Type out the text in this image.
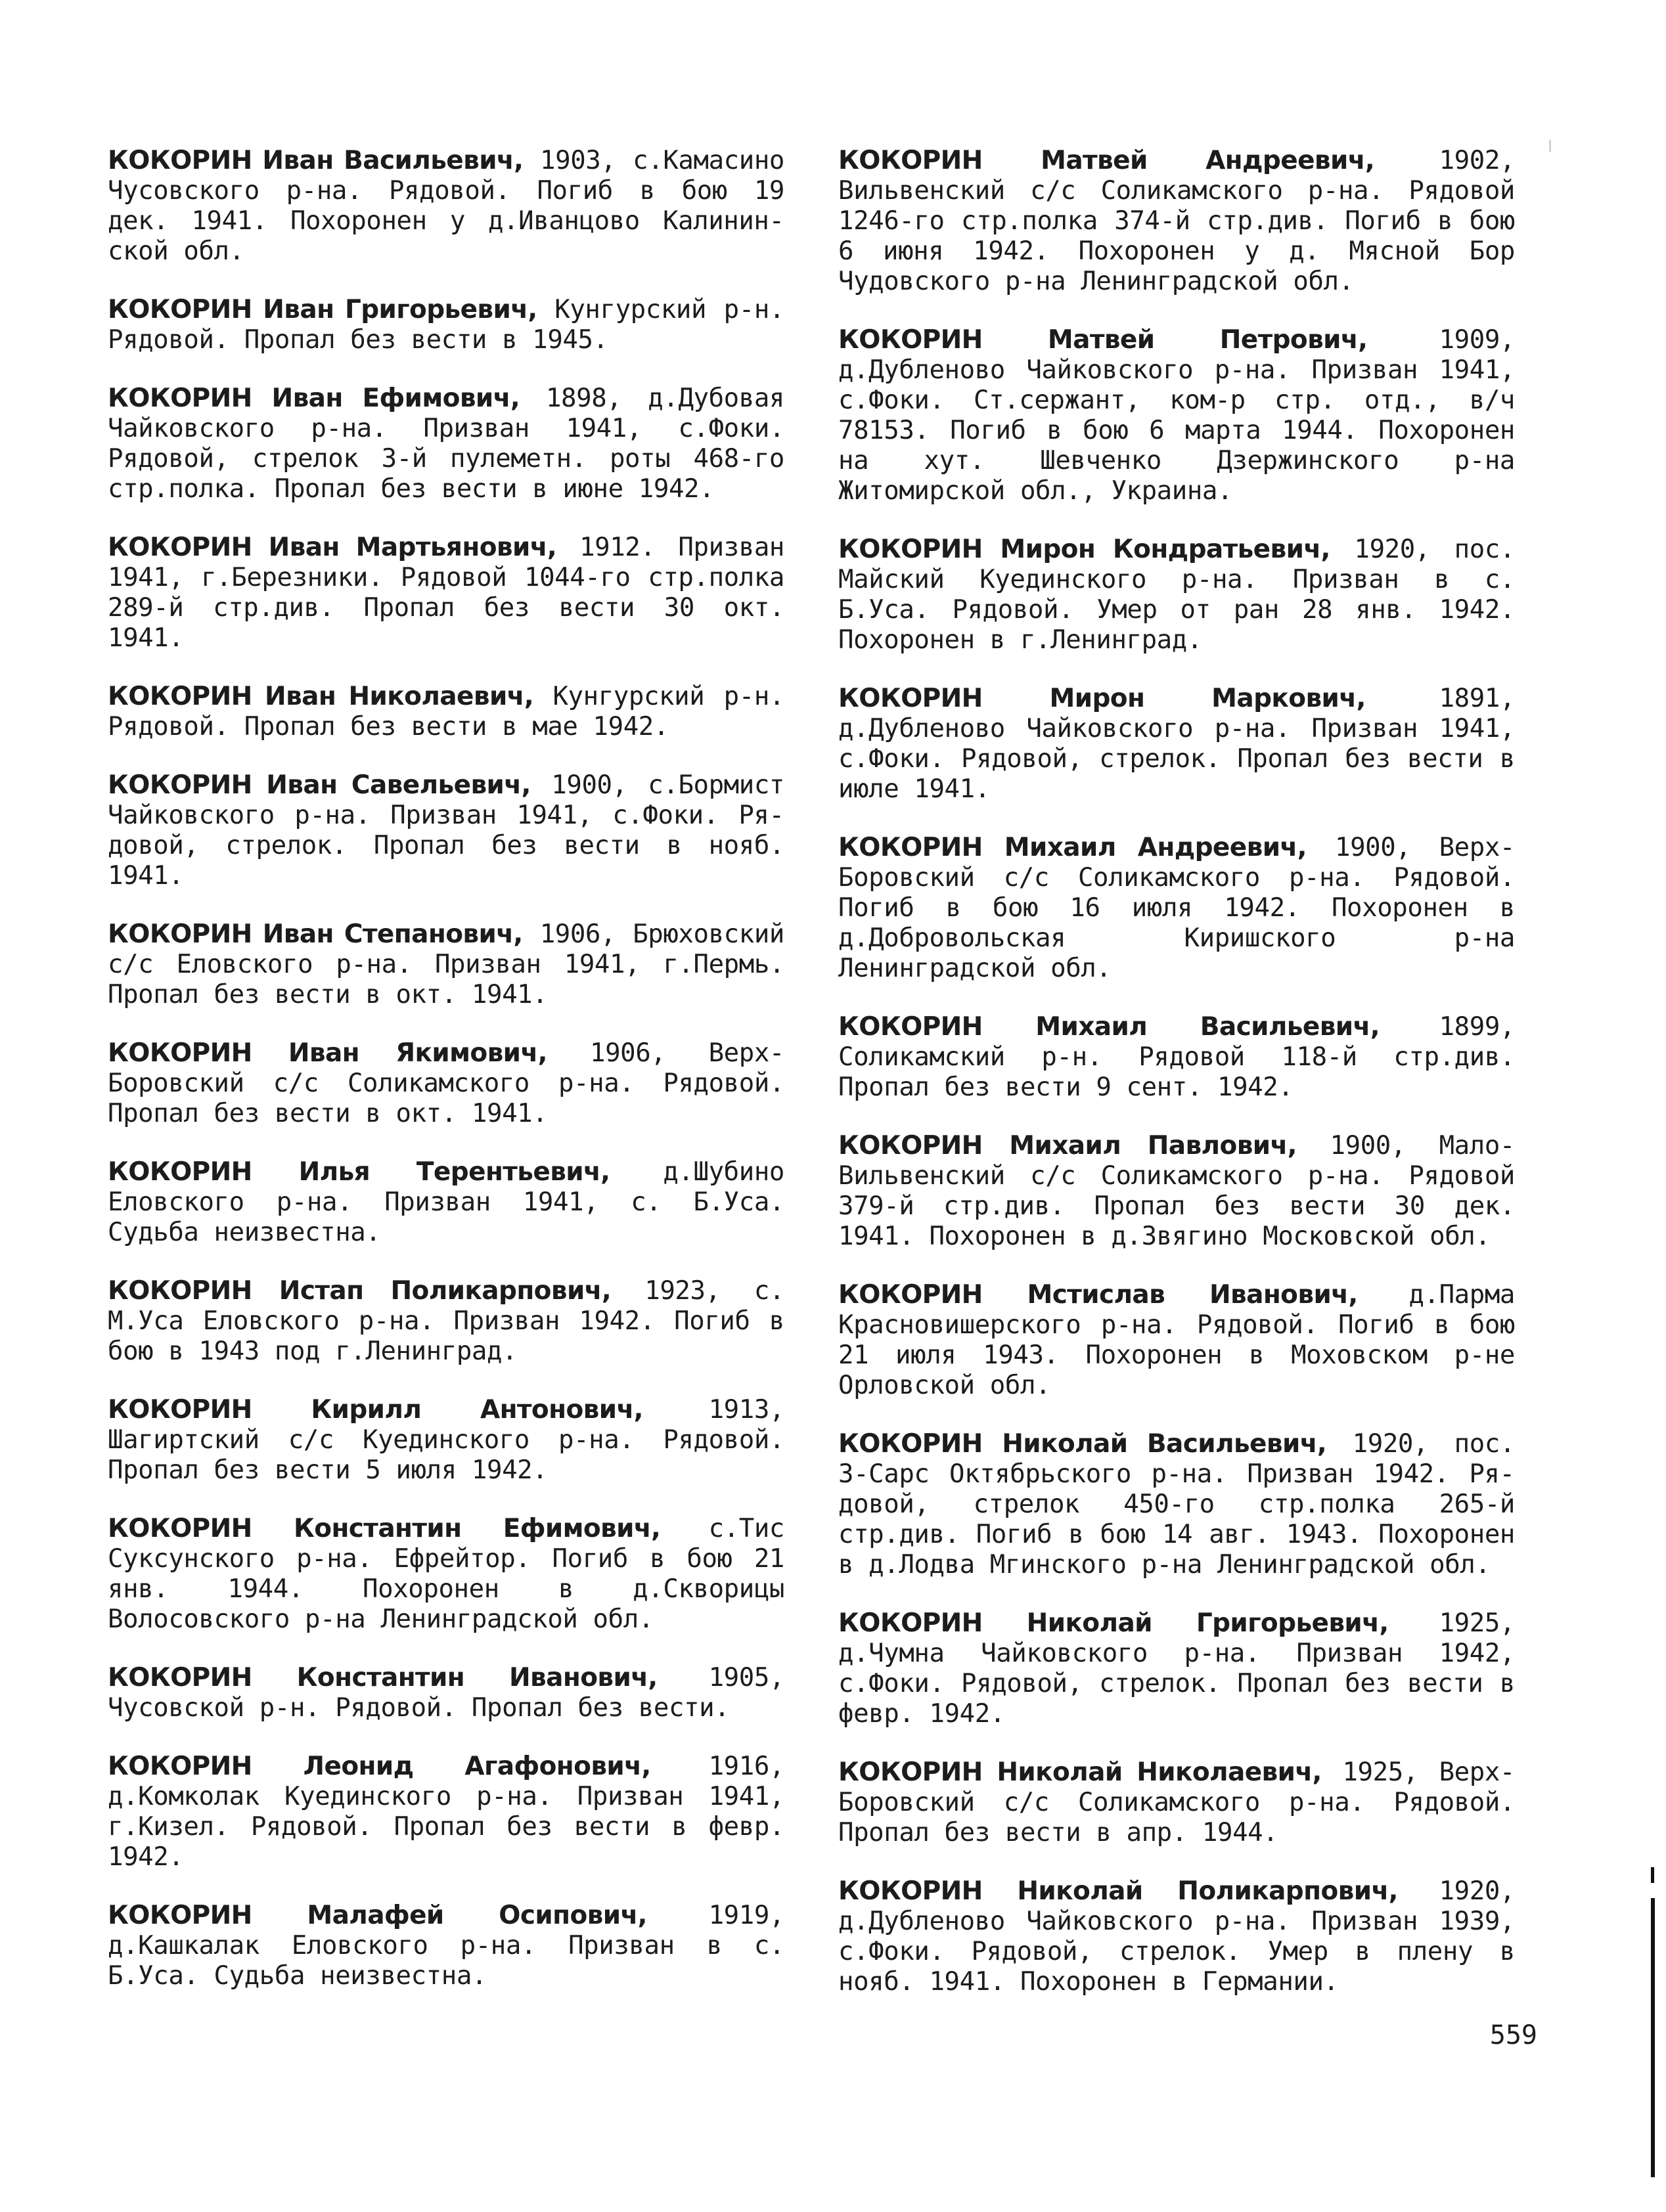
КОКОРИН Иван Васильевич, 1903, с.Камасино Чусовского р-на. Рядовой. Погиб в бою 19 дек. 1941. Похоронен у д.Иванцово Калининской обл.

КОКОРИН Иван Григорьевич, Кунгурский р-н. Рядовой. Пропал без вести в 1945.

КОКОРИН Иван Ефимович, 1898, д.Дубовая Чайковского р-на. Призван 1941, с.Фоки. Рядовой, стрелок 3-й пулеметн. роты 468-го стр.полка. Пропал без вести в июне 1942.

КОКОРИН Иван Мартьянович, 1912. Призван 1941, г.Березники. Рядовой 1044-го стр.полка 289-й стр.див. Пропал без вести 30 окт. 1941.

КОКОРИН Иван Николаевич, Кунгурский р-н. Рядовой. Пропал без вести в мае 1942.

КОКОРИН Иван Савельевич, 1900, с.Бормист Чайковского р-на. Призван 1941, с.Фоки. Рядовой, стрелок. Пропал без вести в нояб. 1941.

КОКОРИН Иван Степанович, 1906, Брюховский с/с Еловского р-на. Призван 1941, г.Пермь. Пропал без вести в окт. 1941.

КОКОРИН Иван Якимович, 1906, Верх-Боровский с/с Соликамского р-на. Рядовой. Пропал без вести в окт. 1941.

КОКОРИН Илья Терентьевич, д.Шубино Еловского р-на. Призван 1941, с. Б.Уса. Судьба неизвестна.

КОКОРИН Истап Поликарпович, 1923, с. М.Уса Еловского р-на. Призван 1942. Погиб в бою в 1943 под г.Ленинград.

КОКОРИН Кирилл Антонович, 1913, Шагиртский с/с Куединского р-на. Рядовой. Пропал без вести 5 июля 1942.

КОКОРИН Константин Ефимович, с.Тис Суксунского р-на. Ефрейтор. Погиб в бою 21 янв. 1944. Похоронен в д.Скворицы Волосовского р-на Ленинградской обл.

КОКОРИН Константин Иванович, 1905, Чусовской р-н. Рядовой. Пропал без вести.

КОКОРИН Леонид Агафонович, 1916, д.Комколак Куединского р-на. Призван 1941, г.Кизел. Рядовой. Пропал без вести в февр. 1942.

КОКОРИН Малафей Осипович, 1919, д.Кашкалак Еловского р-на. Призван в с. Б.Уса. Судьба неизвестна.

КОКОРИН Матвей Андреевич, 1902, Вильвенский с/с Соликамского р-на. Рядовой 1246-го стр.полка 374-й стр.див. Погиб в бою 6 июня 1942. Похоронен у д. Мясной Бор Чудовского р-на Ленинградской обл.

КОКОРИН Матвей Петрович, 1909, д.Дубленово Чайковского р-на. Призван 1941, с.Фоки. Ст.сержант, ком-р стр. отд., в/ч 78153. Погиб в бою 6 марта 1944. Похоронен на хут. Шевченко Дзержинского р-на Житомирской обл., Украина.

КОКОРИН Мирон Кондратьевич, 1920, пос. Майский Куединского р-на. Призван в с. Б.Уса. Рядовой. Умер от ран 28 янв. 1942. Похоронен в г.Ленинград.

КОКОРИН Мирон Маркович, 1891, д.Дубленово Чайковского р-на. Призван 1941, с.Фоки. Рядовой, стрелок. Пропал без вести в июле 1941.

КОКОРИН Михаил Андреевич, 1900, Верх-Боровский с/с Соликамского р-на. Рядовой. Погиб в бою 16 июля 1942. Похоронен в д.Добровольская Киришского р-на Ленинградской обл.

КОКОРИН Михаил Васильевич, 1899, Соликамский р-н. Рядовой 118-й стр.див. Пропал без вести 9 сент. 1942.

КОКОРИН Михаил Павлович, 1900, Мало-Вильвенский с/с Соликамского р-на. Рядовой 379-й стр.див. Пропал без вести 30 дек. 1941. Похоронен в д.Звягино Московской обл.

КОКОРИН Мстислав Иванович, д.Парма Красновишерского р-на. Рядовой. Погиб в бою 21 июля 1943. Похоронен в Моховском р-не Орловской обл.

КОКОРИН Николай Васильевич, 1920, пос. 3-Сарс Октябрьского р-на. Призван 1942. Рядовой, стрелок 450-го стр.полка 265-й стр.див. Погиб в бою 14 авг. 1943. Похоронен в д.Лодва Мгинского р-на Ленинградской обл.

КОКОРИН Николай Григорьевич, 1925, д.Чумна Чайковского р-на. Призван 1942, с.Фоки. Рядовой, стрелок. Пропал без вести в февр. 1942.

КОКОРИН Николай Николаевич, 1925, Верх-Боровский с/с Соликамского р-на. Рядовой. Пропал без вести в апр. 1944.

КОКОРИН Николай Поликарпович, 1920, д.Дубленово Чайковского р-на. Призван 1939, с.Фоки. Рядовой, стрелок. Умер в плену в нояб. 1941. Похоронен в Германии.

559
